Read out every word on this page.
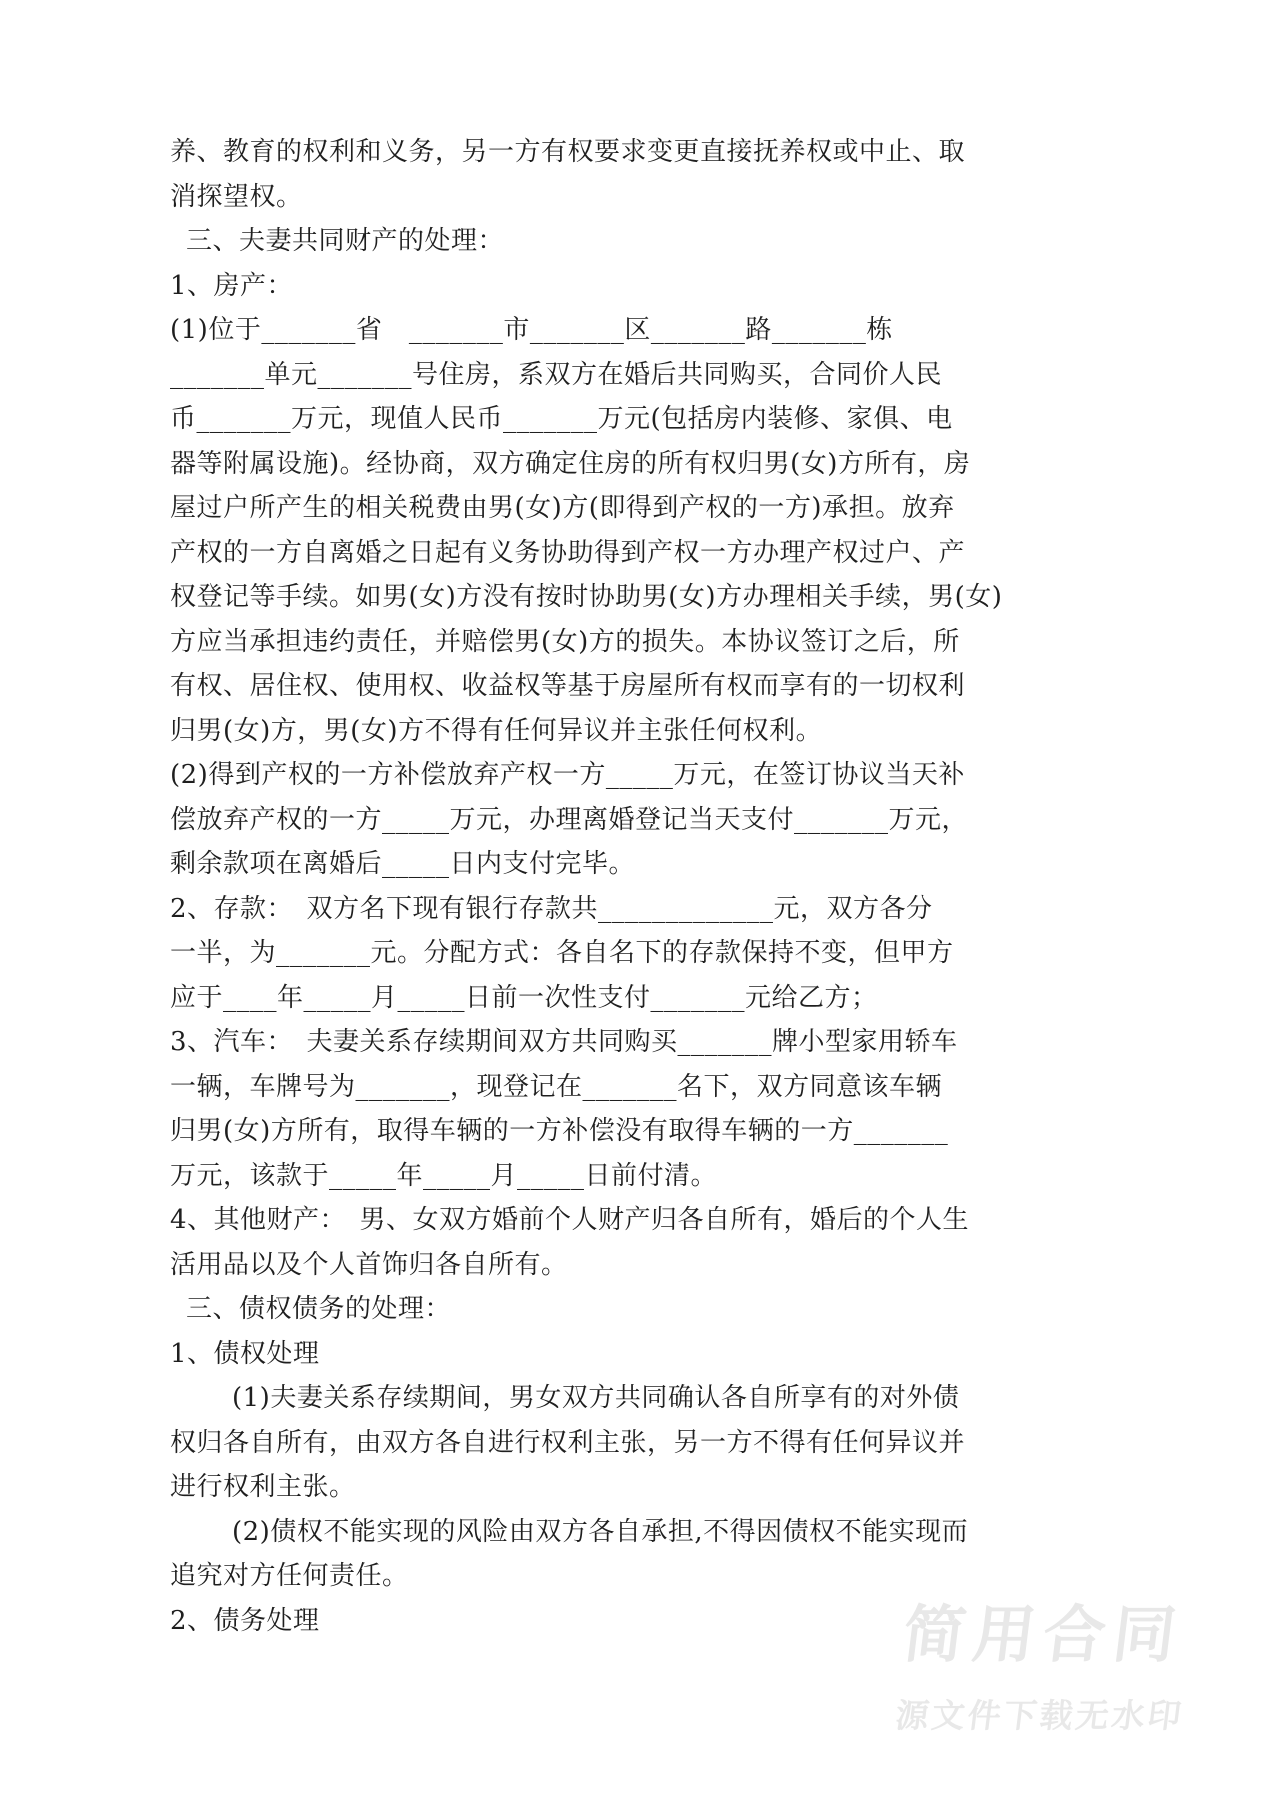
养、教育的权利和义务，另一方有权要求变更直接抚养权或中止、取
消探望权。
三、夫妻共同财产的处理：
1、房产：
(1)位于_______省　_______市_______区_______路_______栋
_______单元_______号住房，系双方在婚后共同购买，合同价人民
币_______万元，现值人民币_______万元(包括房内装修、家俱、电
器等附属设施)。经协商，双方确定住房的所有权归男(女)方所有，房
屋过户所产生的相关税费由男(女)方(即得到产权的一方)承担。放弃
产权的一方自离婚之日起有义务协助得到产权一方办理产权过户、产
权登记等手续。如男(女)方没有按时协助男(女)方办理相关手续，男(女)
方应当承担违约责任，并赔偿男(女)方的损失。本协议签订之后，所
有权、居住权、使用权、收益权等基于房屋所有权而享有的一切权利
归男(女)方，男(女)方不得有任何异议并主张任何权利。
(2)得到产权的一方补偿放弃产权一方_____万元，在签订协议当天补
偿放弃产权的一方_____万元，办理离婚登记当天支付_______万元，
剩余款项在离婚后_____日内支付完毕。
2、存款：　双方名下现有银行存款共_____________元，双方各分
一半，为_______元。分配方式：各自名下的存款保持不变，但甲方
应于____年_____月_____日前一次性支付_______元给乙方；
3、汽车：　夫妻关系存续期间双方共同购买_______牌小型家用轿车
一辆，车牌号为_______，现登记在_______名下，双方同意该车辆
归男(女)方所有，取得车辆的一方补偿没有取得车辆的一方_______
万元，该款于_____年_____月_____日前付清。
4、其他财产：　男、女双方婚前个人财产归各自所有，婚后的个人生
活用品以及个人首饰归各自所有。
三、债权债务的处理：
1、债权处理
(1)夫妻关系存续期间，男女双方共同确认各自所享有的对外债
权归各自所有，由双方各自进行权利主张，另一方不得有任何异议并
进行权利主张。
(2)债权不能实现的风险由双方各自承担,不得因债权不能实现而
追究对方任何责任。
2、债务处理	简用合同
源文件下载无水印
